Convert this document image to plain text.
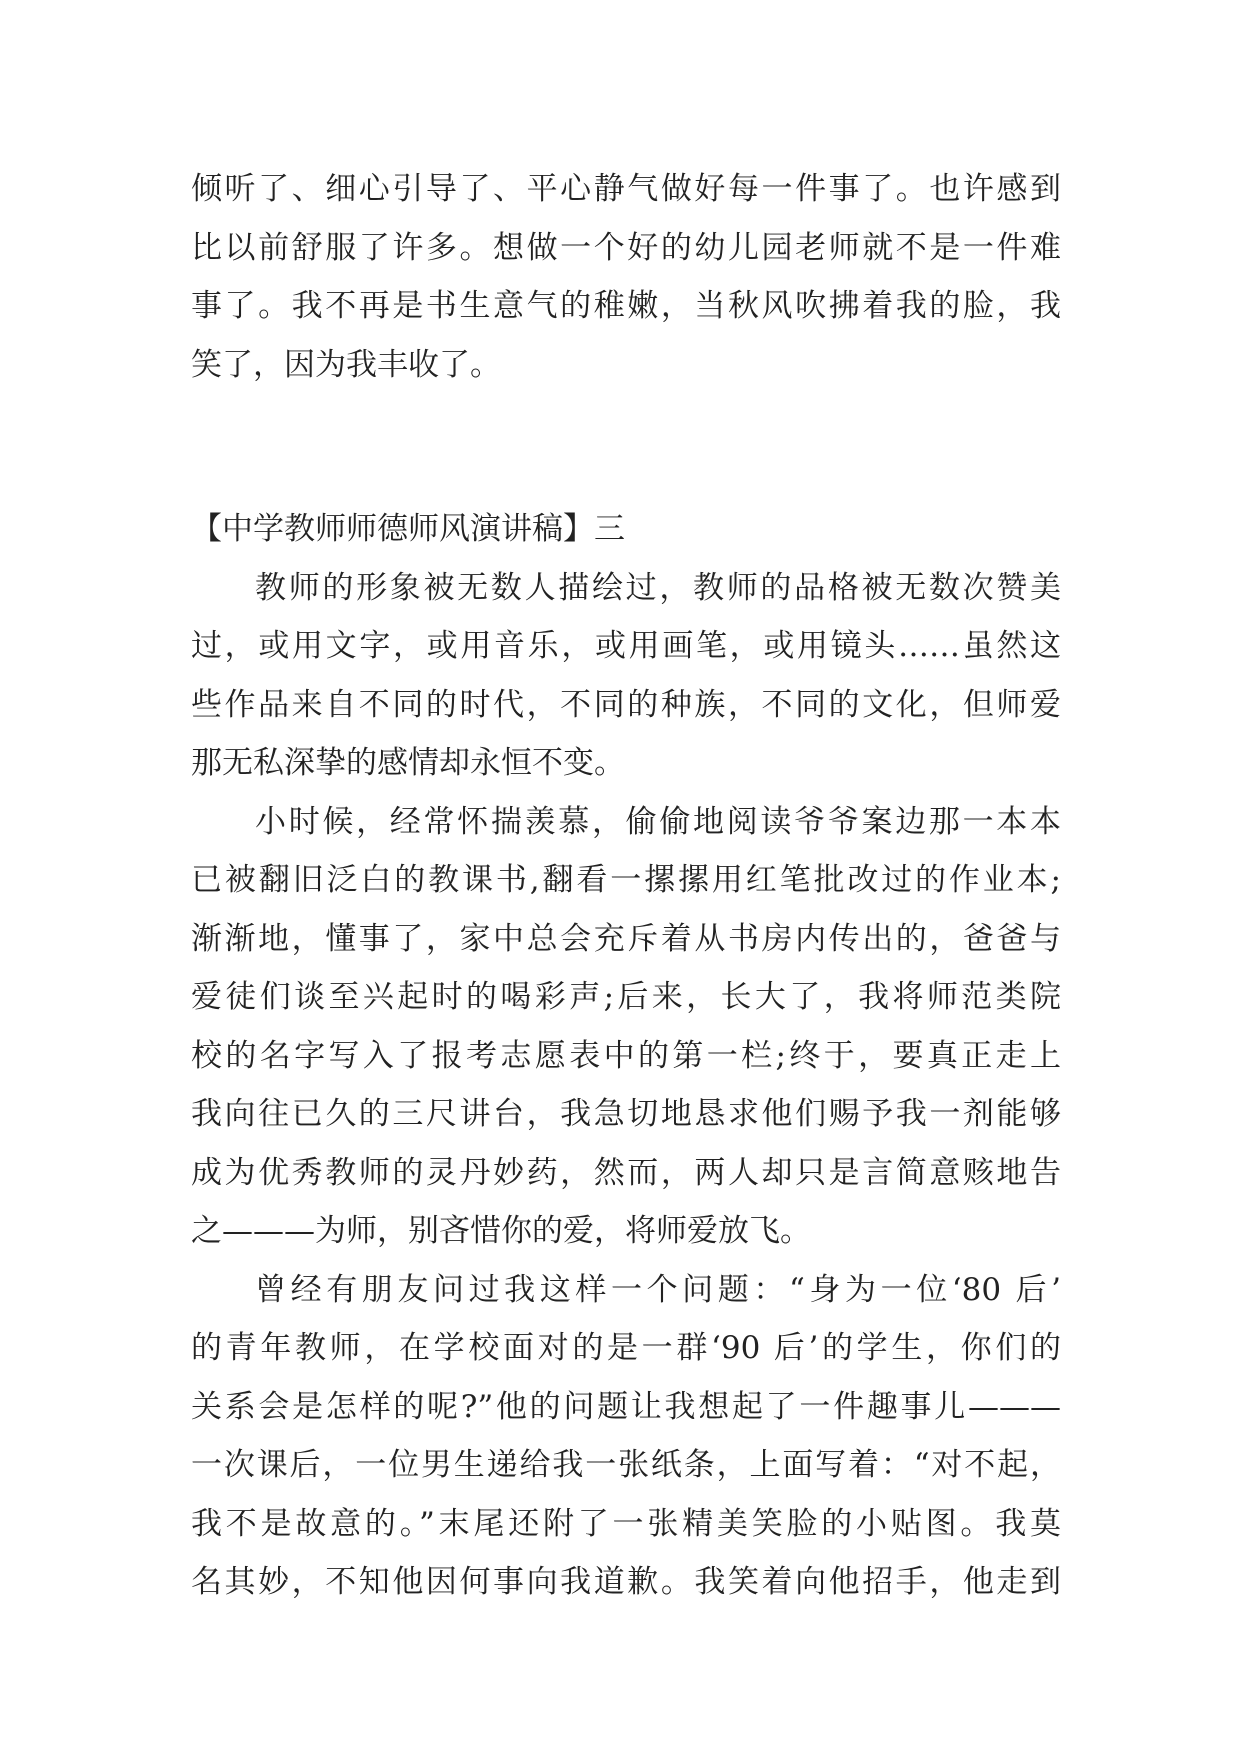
倾听了、细心引导了、平心静气做好每一件事了。也许感到
比以前舒服了许多。想做一个好的幼儿园老师就不是一件难
事了。我不再是书生意气的稚嫩，当秋风吹拂着我的脸，我
笑了，因为我丰收了。
【中学教师师德师风演讲稿】三
教师的形象被无数人描绘过，教师的品格被无数次赞美
过，或用文字，或用音乐，或用画笔，或用镜头……虽然这
些作品来自不同的时代，不同的种族，不同的文化，但师爱
那无私深挚的感情却永恒不变。
小时候，经常怀揣羡慕，偷偷地阅读爷爷案边那一本本
已被翻旧泛白的教课书,翻看一摞摞用红笔批改过的作业本;
渐渐地，懂事了，家中总会充斥着从书房内传出的，爸爸与
爱徒们谈至兴起时的喝彩声;后来，长大了，我将师范类院
校的名字写入了报考志愿表中的第一栏;终于，要真正走上
我向往已久的三尺讲台，我急切地恳求他们赐予我一剂能够
成为优秀教师的灵丹妙药，然而，两人却只是言简意赅地告
之———为师，别吝惜你的爱，将师爱放飞。
曾经有朋友问过我这样一个问题：“身为一位‘80 后’
的青年教师，在学校面对的是一群‘90 后’的学生，你们的
关系会是怎样的呢?”他的问题让我想起了一件趣事儿———
一次课后，一位男生递给我一张纸条，上面写着：“对不起，
我不是故意的。”末尾还附了一张精美笑脸的小贴图。我莫
名其妙，不知他因何事向我道歉。我笑着向他招手，他走到
